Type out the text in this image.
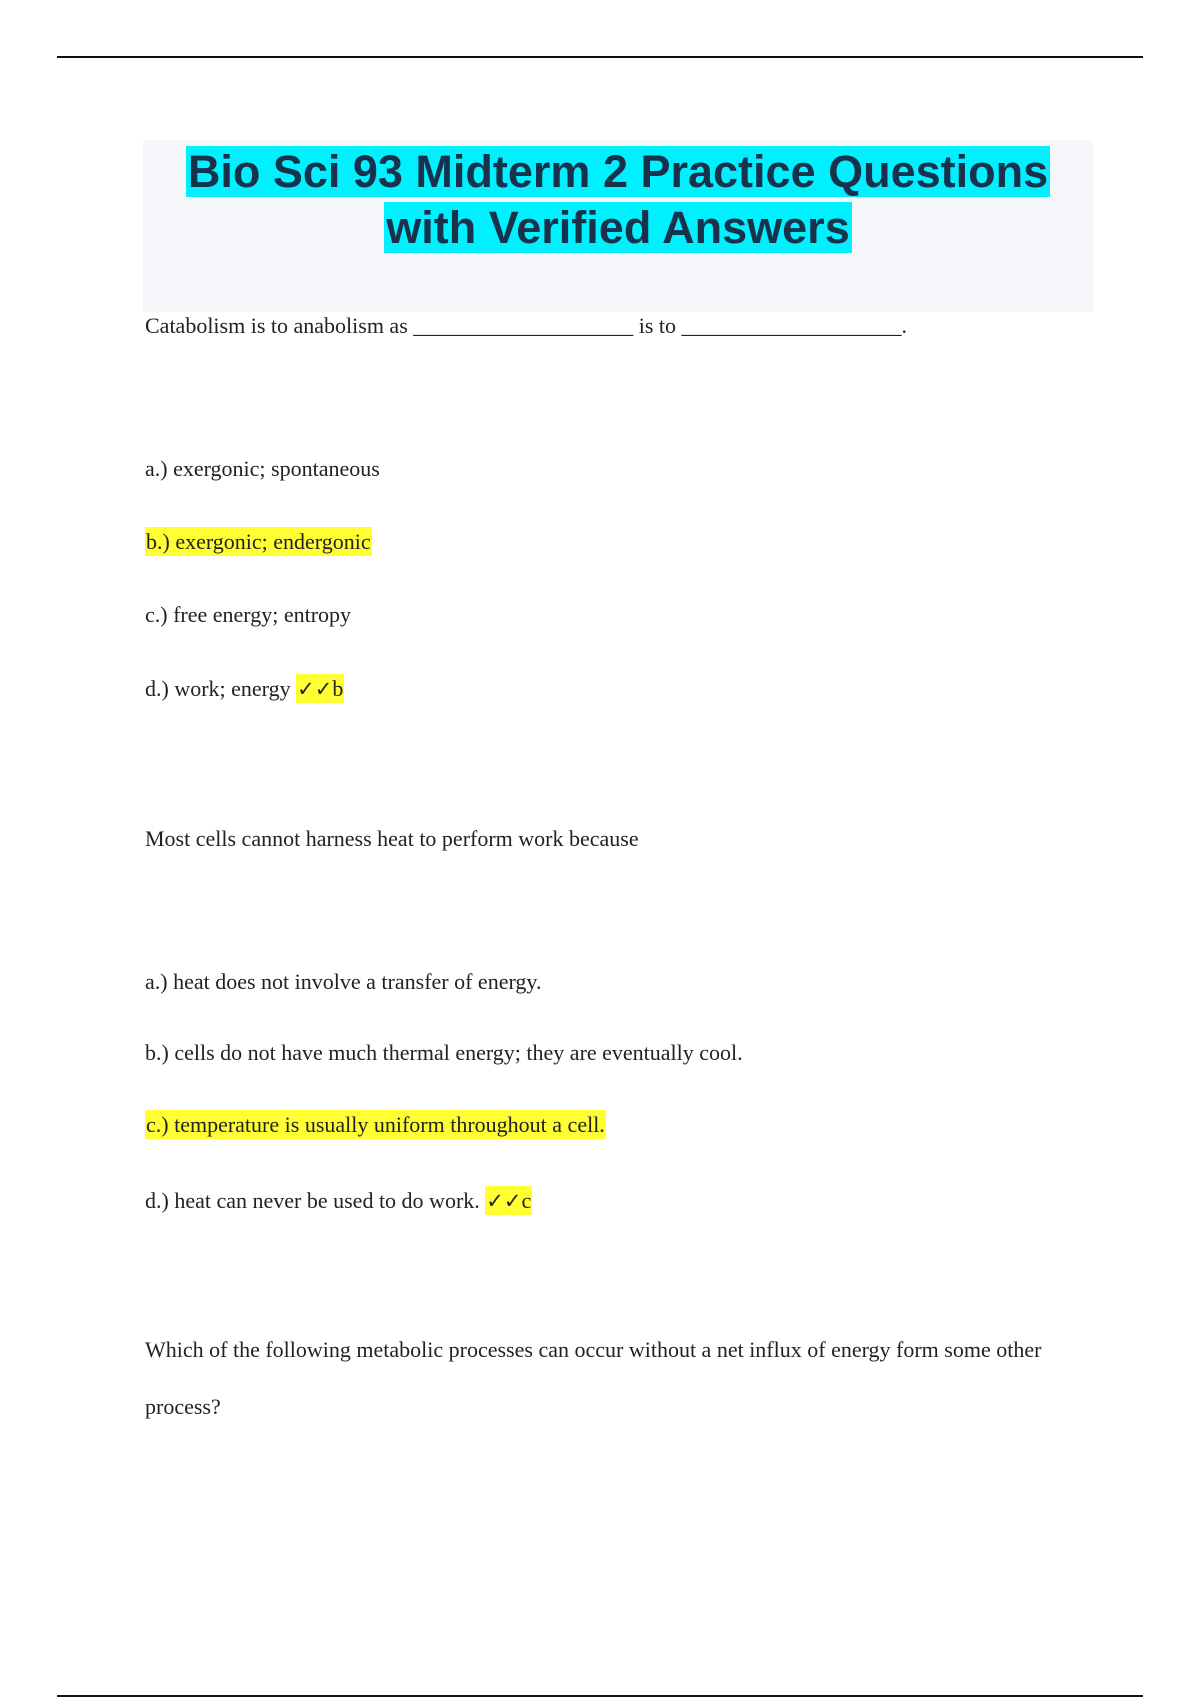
Bio Sci 93 Midterm 2 Practice Questions
with Verified Answers
Catabolism is to anabolism as ____________________ is to ____________________.
a.) exergonic; spontaneous
b.) exergonic; endergonic
c.) free energy; entropy
d.) work; energy ✓✓b
Most cells cannot harness heat to perform work because
a.) heat does not involve a transfer of energy.
b.) cells do not have much thermal energy; they are eventually cool.
c.) temperature is usually uniform throughout a cell.
d.) heat can never be used to do work. ✓✓c
Which of the following metabolic processes can occur without a net influx of energy form some other process?
